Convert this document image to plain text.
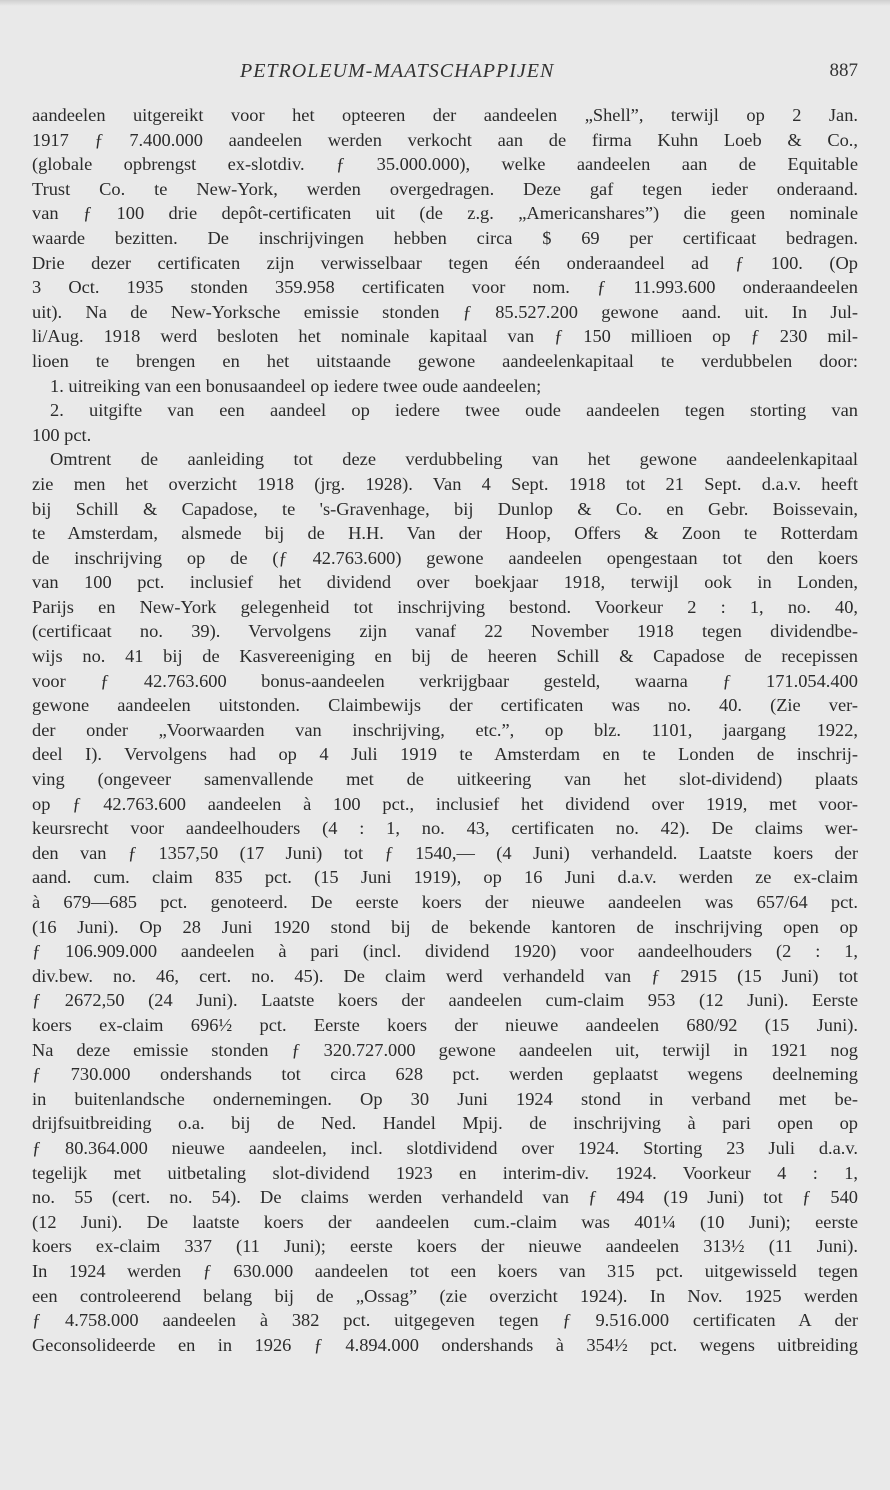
PETROLEUM-MAATSCHAPPIJEN	887
aandeelen uitgereikt voor het opteeren der aandeelen „Shell”, terwijl op 2 Jan.
1917 ƒ 7.400.000 aandeelen werden verkocht aan de firma Kuhn Loeb & Co.,
(globale opbrengst ex-slotdiv. ƒ 35.000.000), welke aandeelen aan de Equitable
Trust Co. te New-York, werden overgedragen. Deze gaf tegen ieder onderaand.
van ƒ 100 drie depôt-certificaten uit (de z.g. „Americanshares”) die geen nominale
waarde bezitten. De inschrijvingen hebben circa $ 69 per certificaat bedragen.
Drie dezer certificaten zijn verwisselbaar tegen één onderaandeel ad ƒ 100. (Op
3 Oct. 1935 stonden 359.958 certificaten voor nom. ƒ 11.993.600 onderaandeelen
uit). Na de New-Yorksche emissie stonden ƒ 85.527.200 gewone aand. uit. In Jul-
li/Aug. 1918 werd besloten het nominale kapitaal van ƒ 150 millioen op ƒ 230 mil-
lioen te brengen en het uitstaande gewone aandeelenkapitaal te verdubbelen door:
1. uitreiking van een bonusaandeel op iedere twee oude aandeelen;
2. uitgifte van een aandeel op iedere twee oude aandeelen tegen storting van
100 pct.
Omtrent de aanleiding tot deze verdubbeling van het gewone aandeelenkapitaal
zie men het overzicht 1918 (jrg. 1928). Van 4 Sept. 1918 tot 21 Sept. d.a.v. heeft
bij Schill & Capadose, te 's-Gravenhage, bij Dunlop & Co. en Gebr. Boissevain,
te Amsterdam, alsmede bij de H.H. Van der Hoop, Offers & Zoon te Rotterdam
de inschrijving op de (ƒ 42.763.600) gewone aandeelen opengestaan tot den koers
van 100 pct. inclusief het dividend over boekjaar 1918, terwijl ook in Londen,
Parijs en New-York gelegenheid tot inschrijving bestond. Voorkeur 2 : 1, no. 40,
(certificaat no. 39). Vervolgens zijn vanaf 22 November 1918 tegen dividendbe-
wijs no. 41 bij de Kasvereeniging en bij de heeren Schill & Capadose de recepissen
voor ƒ 42.763.600 bonus-aandeelen verkrijgbaar gesteld, waarna ƒ 171.054.400
gewone aandeelen uitstonden. Claimbewijs der certificaten was no. 40. (Zie ver-
der onder „Voorwaarden van inschrijving, etc.”, op blz. 1101, jaargang 1922,
deel I). Vervolgens had op 4 Juli 1919 te Amsterdam en te Londen de inschrij-
ving (ongeveer samenvallende met de uitkeering van het slot-dividend) plaats
op ƒ 42.763.600 aandeelen à 100 pct., inclusief het dividend over 1919, met voor-
keursrecht voor aandeelhouders (4 : 1, no. 43, certificaten no. 42). De claims wer-
den van ƒ 1357,50 (17 Juni) tot ƒ 1540,— (4 Juni) verhandeld. Laatste koers der
aand. cum. claim 835 pct. (15 Juni 1919), op 16 Juni d.a.v. werden ze ex-claim
à 679—685 pct. genoteerd. De eerste koers der nieuwe aandeelen was 657/64 pct.
(16 Juni). Op 28 Juni 1920 stond bij de bekende kantoren de inschrijving open op
ƒ 106.909.000 aandeelen à pari (incl. dividend 1920) voor aandeelhouders (2 : 1,
div.bew. no. 46, cert. no. 45). De claim werd verhandeld van ƒ 2915 (15 Juni) tot
ƒ 2672,50 (24 Juni). Laatste koers der aandeelen cum-claim 953 (12 Juni). Eerste
koers ex-claim 696½ pct. Eerste koers der nieuwe aandeelen 680/92 (15 Juni).
Na deze emissie stonden ƒ 320.727.000 gewone aandeelen uit, terwijl in 1921 nog
ƒ 730.000 ondershands tot circa 628 pct. werden geplaatst wegens deelneming
in buitenlandsche ondernemingen. Op 30 Juni 1924 stond in verband met be-
drijfsuitbreiding o.a. bij de Ned. Handel Mpij. de inschrijving à pari open op
ƒ 80.364.000 nieuwe aandeelen, incl. slotdividend over 1924. Storting 23 Juli d.a.v.
tegelijk met uitbetaling slot-dividend 1923 en interim-div. 1924. Voorkeur 4 : 1,
no. 55 (cert. no. 54). De claims werden verhandeld van ƒ 494 (19 Juni) tot ƒ 540
(12 Juni). De laatste koers der aandeelen cum.-claim was 401¼ (10 Juni); eerste
koers ex-claim 337 (11 Juni); eerste koers der nieuwe aandeelen 313½ (11 Juni).
In 1924 werden ƒ 630.000 aandeelen tot een koers van 315 pct. uitgewisseld tegen
een controleerend belang bij de „Ossag” (zie overzicht 1924). In Nov. 1925 werden
ƒ 4.758.000 aandeelen à 382 pct. uitgegeven tegen ƒ 9.516.000 certificaten A der
Geconsolideerde en in 1926 ƒ 4.894.000 ondershands à 354½ pct. wegens uitbreiding
